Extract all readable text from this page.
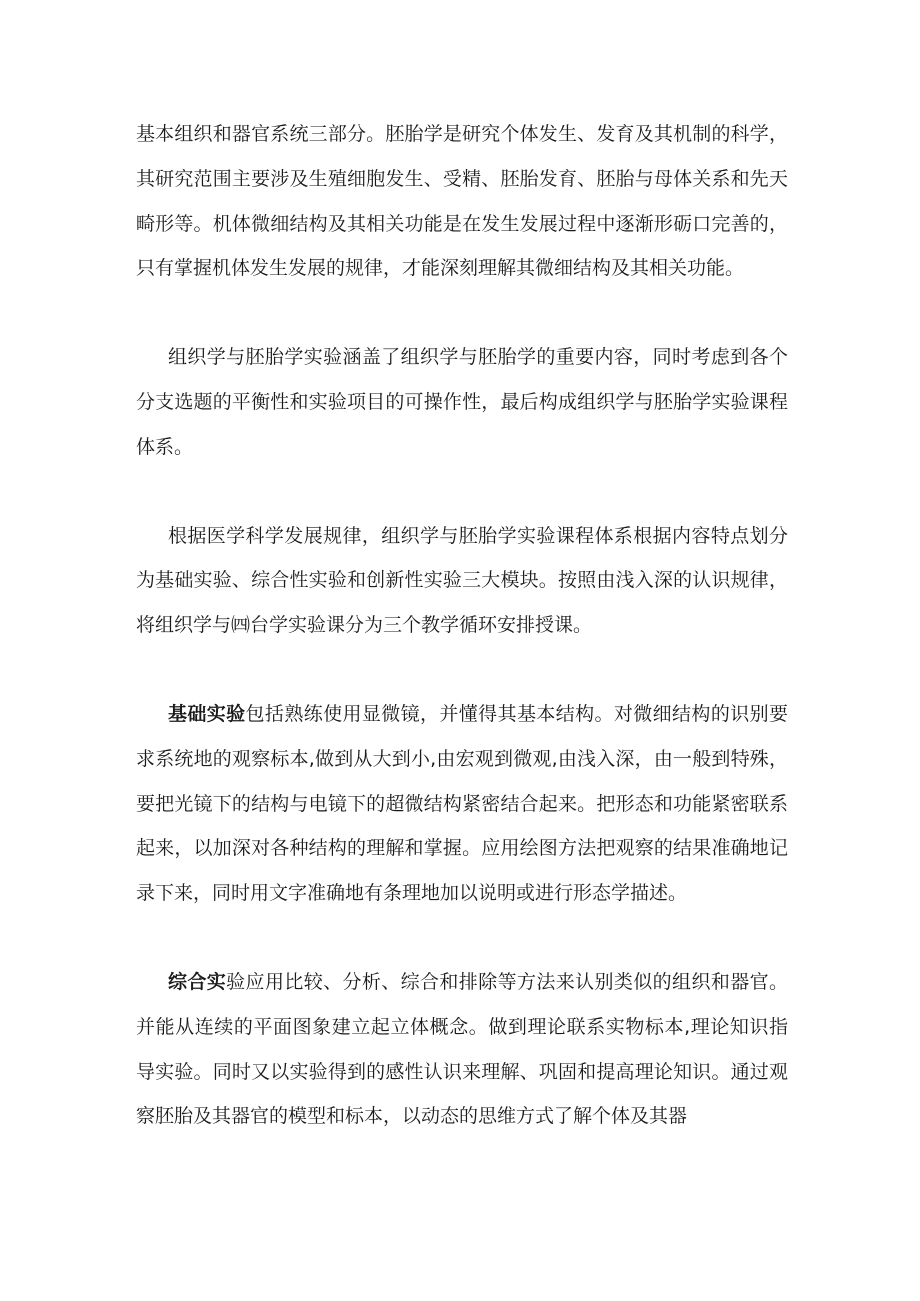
基本组织和器官系统三部分。胚胎学是研究个体发生、发育及其机制的科学，其研究范围主要涉及生殖细胞发生、受精、胚胎发育、胚胎与母体关系和先天畸形等。机体微细结构及其相关功能是在发生发展过程中逐渐形砺口完善的，只有掌握机体发生发展的规律，才能深刻理解其微细结构及其相关功能。

组织学与胚胎学实验涵盖了组织学与胚胎学的重要内容，同时考虑到各个分支选题的平衡性和实验项目的可操作性，最后构成组织学与胚胎学实验课程体系。

根据医学科学发展规律，组织学与胚胎学实验课程体系根据内容特点划分为基础实验、综合性实验和创新性实验三大模块。按照由浅入深的认识规律，将组织学与㈣台学实验课分为三个教学循环安排授课。

基础实验包括熟练使用显微镜，并懂得其基本结构。对微细结构的识别要求系统地的观察标本,做到从大到小,由宏观到微观,由浅入深，由一般到特殊，要把光镜下的结构与电镜下的超微结构紧密结合起来。把形态和功能紧密联系起来，以加深对各种结构的理解和掌握。应用绘图方法把观察的结果准确地记录下来，同时用文字准确地有条理地加以说明或进行形态学描述。

综合实验应用比较、分析、综合和排除等方法来认别类似的组织和器官。并能从连续的平面图象建立起立体概念。做到理论联系实物标本,理论知识指导实验。同时又以实验得到的感性认识来理解、巩固和提高理论知识。通过观察胚胎及其器官的模型和标本，以动态的思维方式了解个体及其器
